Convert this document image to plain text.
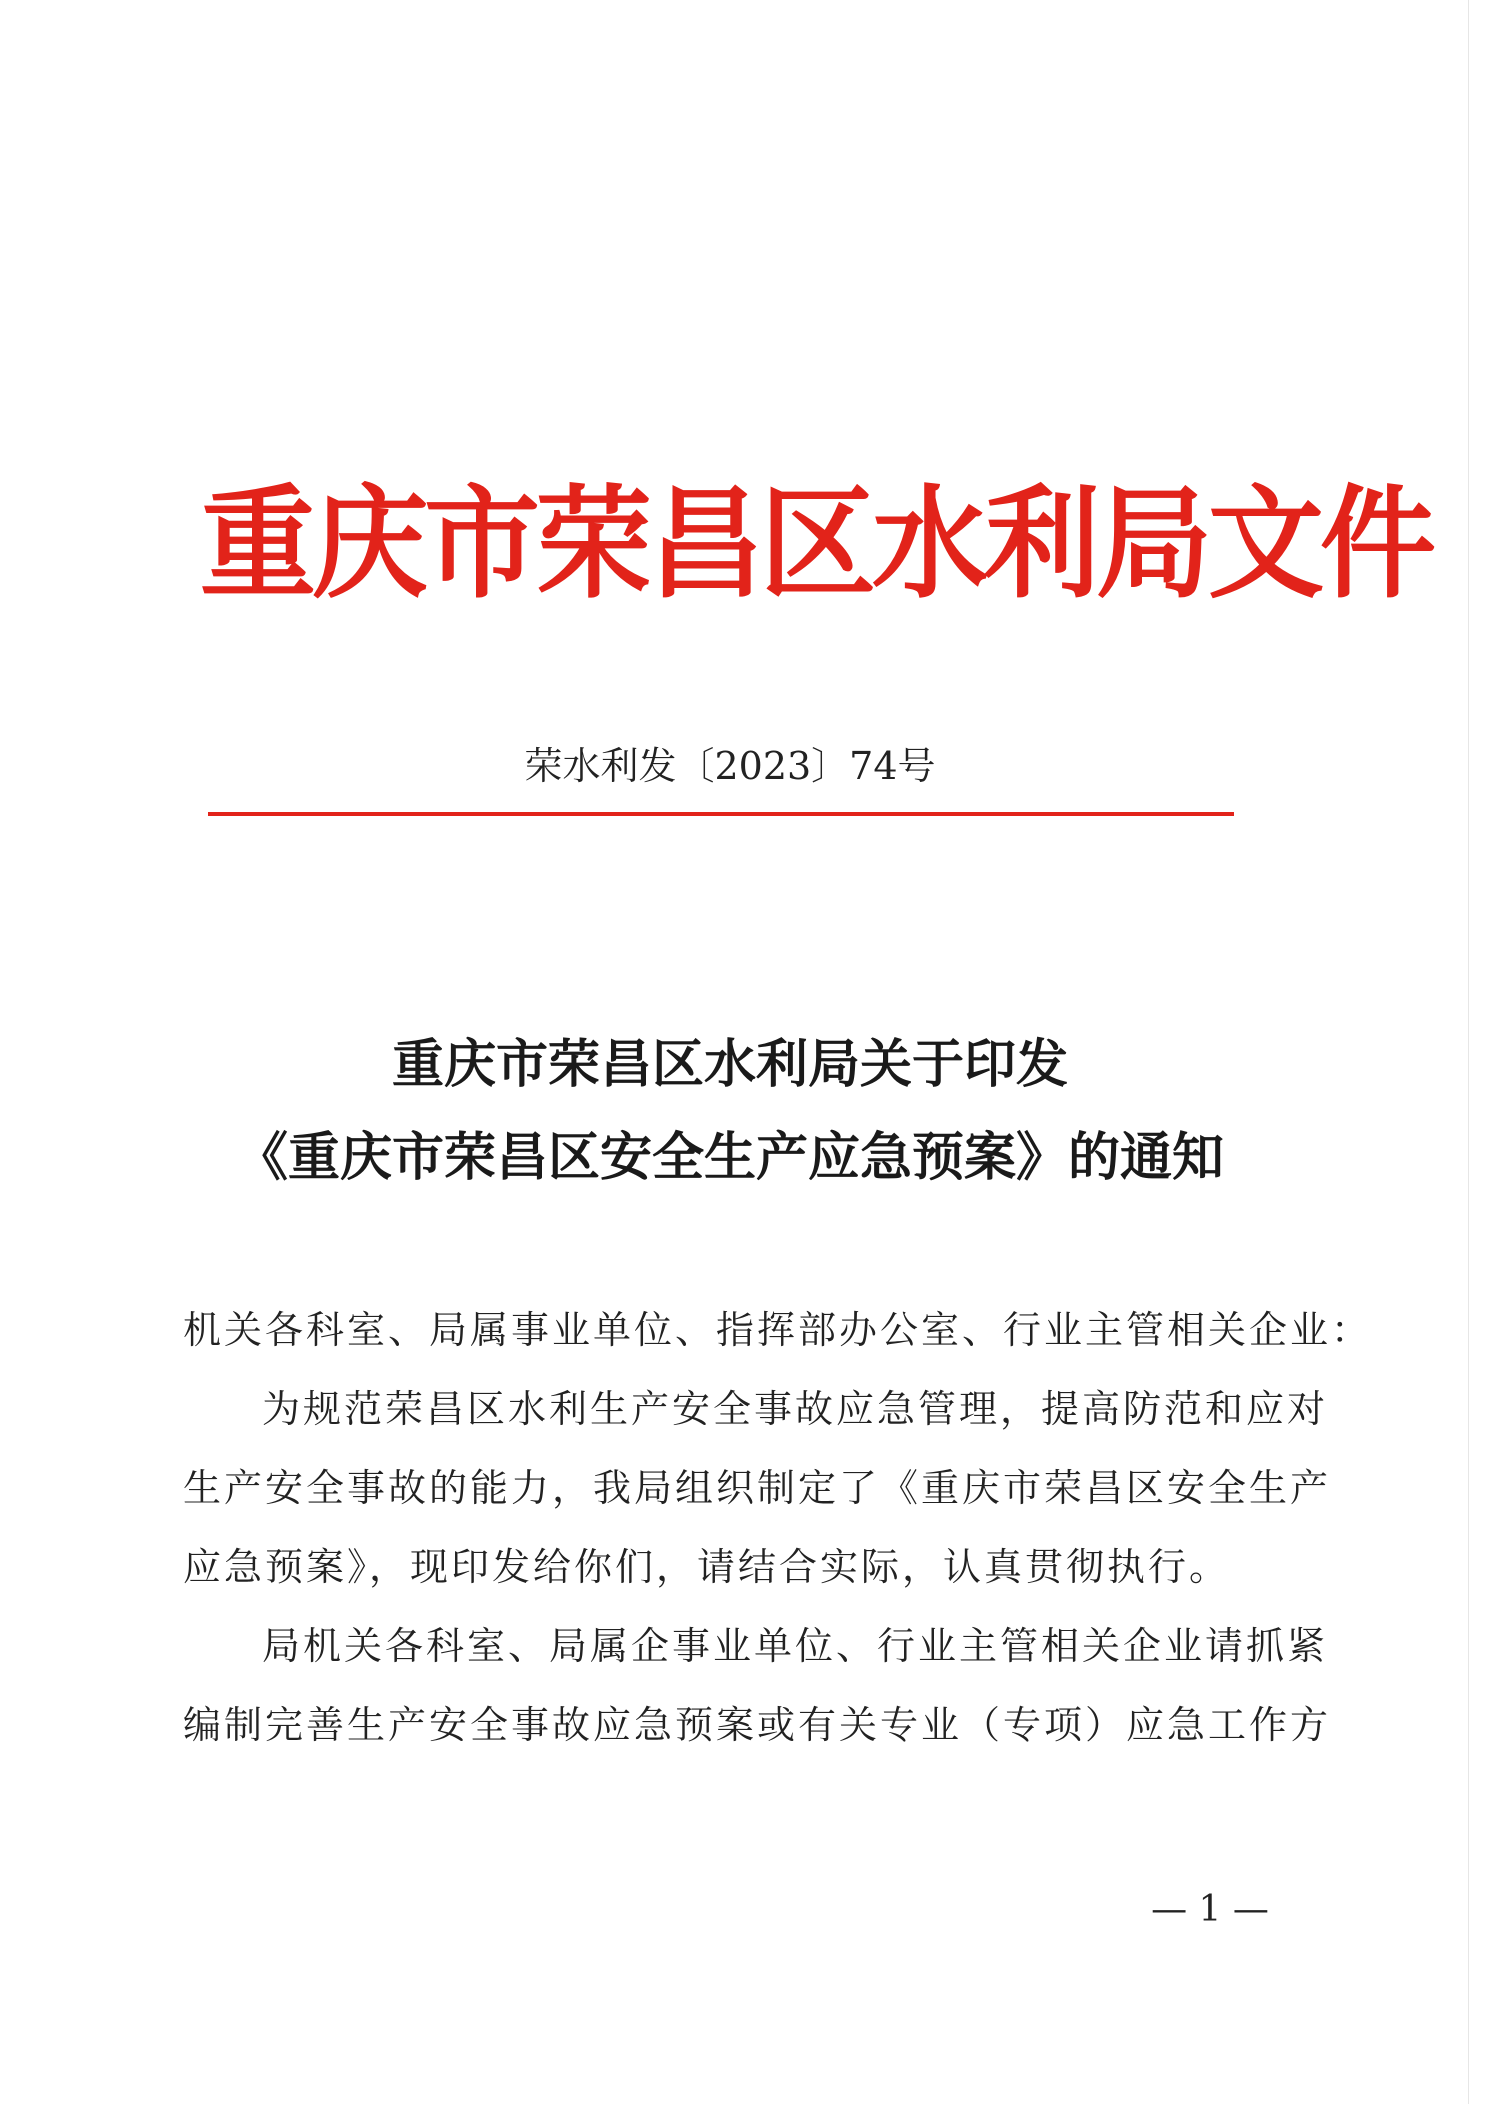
重庆市荣昌区水利局文件
荣水利发〔2023〕74号
重庆市荣昌区水利局关于印发
《重庆市荣昌区安全生产应急预案》的通知
机关各科室、局属事业单位、指挥部办公室、行业主管相关企业：
为规范荣昌区水利生产安全事故应急管理，提高防范和应对
生产安全事故的能力，我局组织制定了《重庆市荣昌区安全生产
应急预案》，现印发给你们，请结合实际，认真贯彻执行。
局机关各科室、局属企事业单位、行业主管相关企业请抓紧
编制完善生产安全事故应急预案或有关专业（专项）应急工作方
— 1 —
